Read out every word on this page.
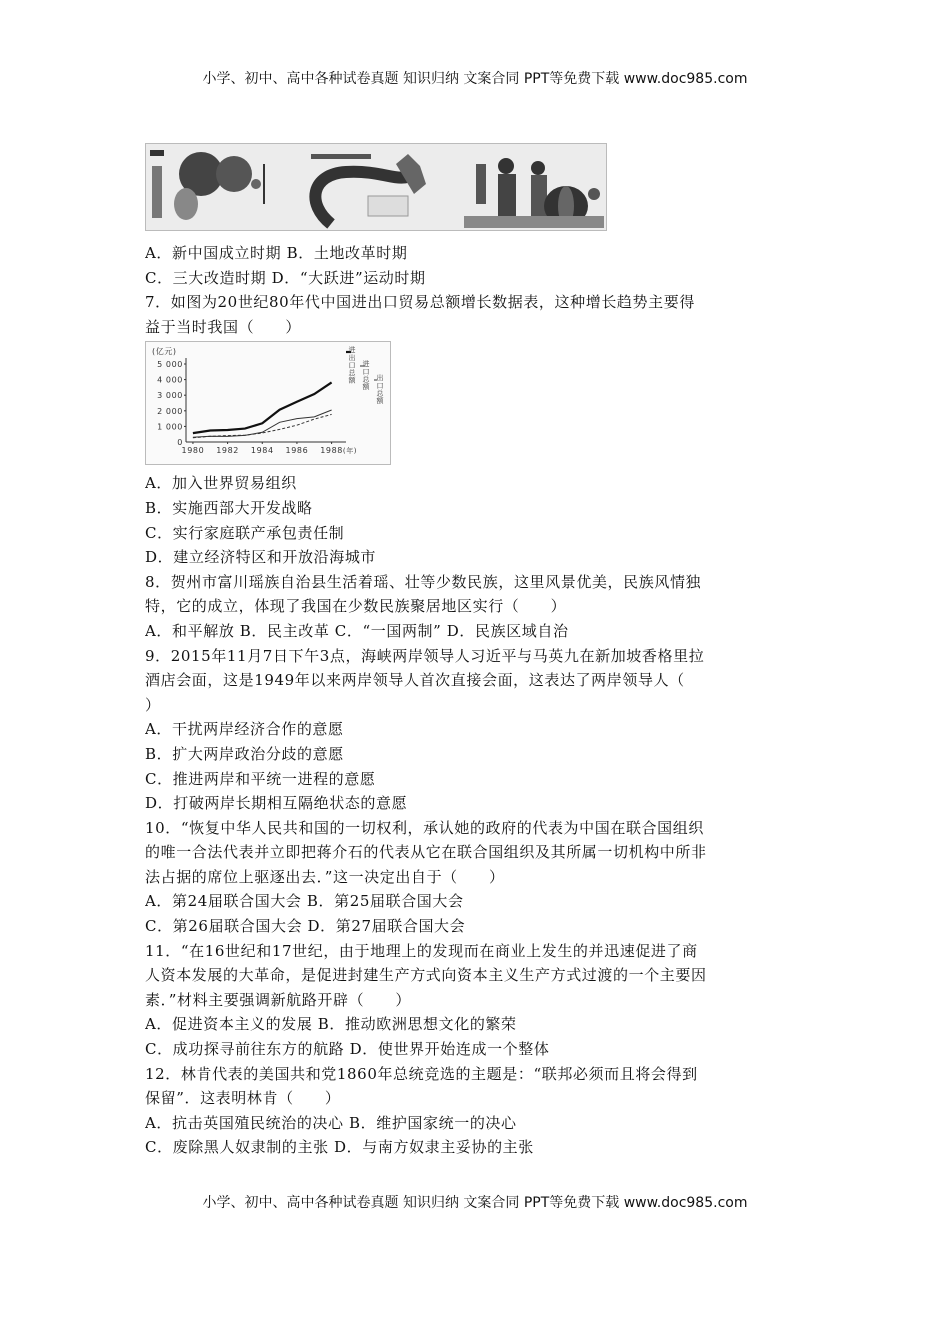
小学、初中、高中各种试卷真题 知识归纳 文案合同 PPT等免费下载 www.doc985.com
A．新中国成立时期 B．土地改革时期
C．三大改造时期 D．“大跃进”运动时期
7．如图为20世纪80年代中国进出口贸易总额增长数据表，这种增长趋势主要得
益于当时我国（　　）
(亿元)
5 000
4 000
3 000
2 000
1 000
0
1980 1982 1984 1986 1988 (年)
进出口总额 进口总额 出口总额
A．加入世界贸易组织
B．实施西部大开发战略
C．实行家庭联产承包责任制
D．建立经济特区和开放沿海城市
8．贺州市富川瑶族自治县生活着瑶、壮等少数民族，这里风景优美，民族风情独
特，它的成立，体现了我国在少数民族聚居地区实行（　　）
A．和平解放 B．民主改革 C．“一国两制” D．民族区域自治
9．2015年11月7日下午3点，海峡两岸领导人习近平与马英九在新加坡香格里拉
酒店会面，这是1949年以来两岸领导人首次直接会面，这表达了两岸领导人（
）
A．干扰两岸经济合作的意愿
B．扩大两岸政治分歧的意愿
C．推进两岸和平统一进程的意愿
D．打破两岸长期相互隔绝状态的意愿
10．“恢复中华人民共和国的一切权利，承认她的政府的代表为中国在联合国组织
的唯一合法代表并立即把蒋介石的代表从它在联合国组织及其所属一切机构中所非
法占据的席位上驱逐出去．”这一决定出自于（　　）
A．第24届联合国大会 B．第25届联合国大会
C．第26届联合国大会 D．第27届联合国大会
11．“在16世纪和17世纪，由于地理上的发现而在商业上发生的并迅速促进了商
人资本发展的大革命，是促进封建生产方式向资本主义生产方式过渡的一个主要因
素．”材料主要强调新航路开辟（　　）
A．促进资本主义的发展 B．推动欧洲思想文化的繁荣
C．成功探寻前往东方的航路 D．使世界开始连成一个整体
12．林肯代表的美国共和党1860年总统竞选的主题是：“联邦必须而且将会得到
保留”．这表明林肯（　　）
A．抗击英国殖民统治的决心 B．维护国家统一的决心
C．废除黑人奴隶制的主张 D．与南方奴隶主妥协的主张
小学、初中、高中各种试卷真题 知识归纳 文案合同 PPT等免费下载 www.doc985.com
